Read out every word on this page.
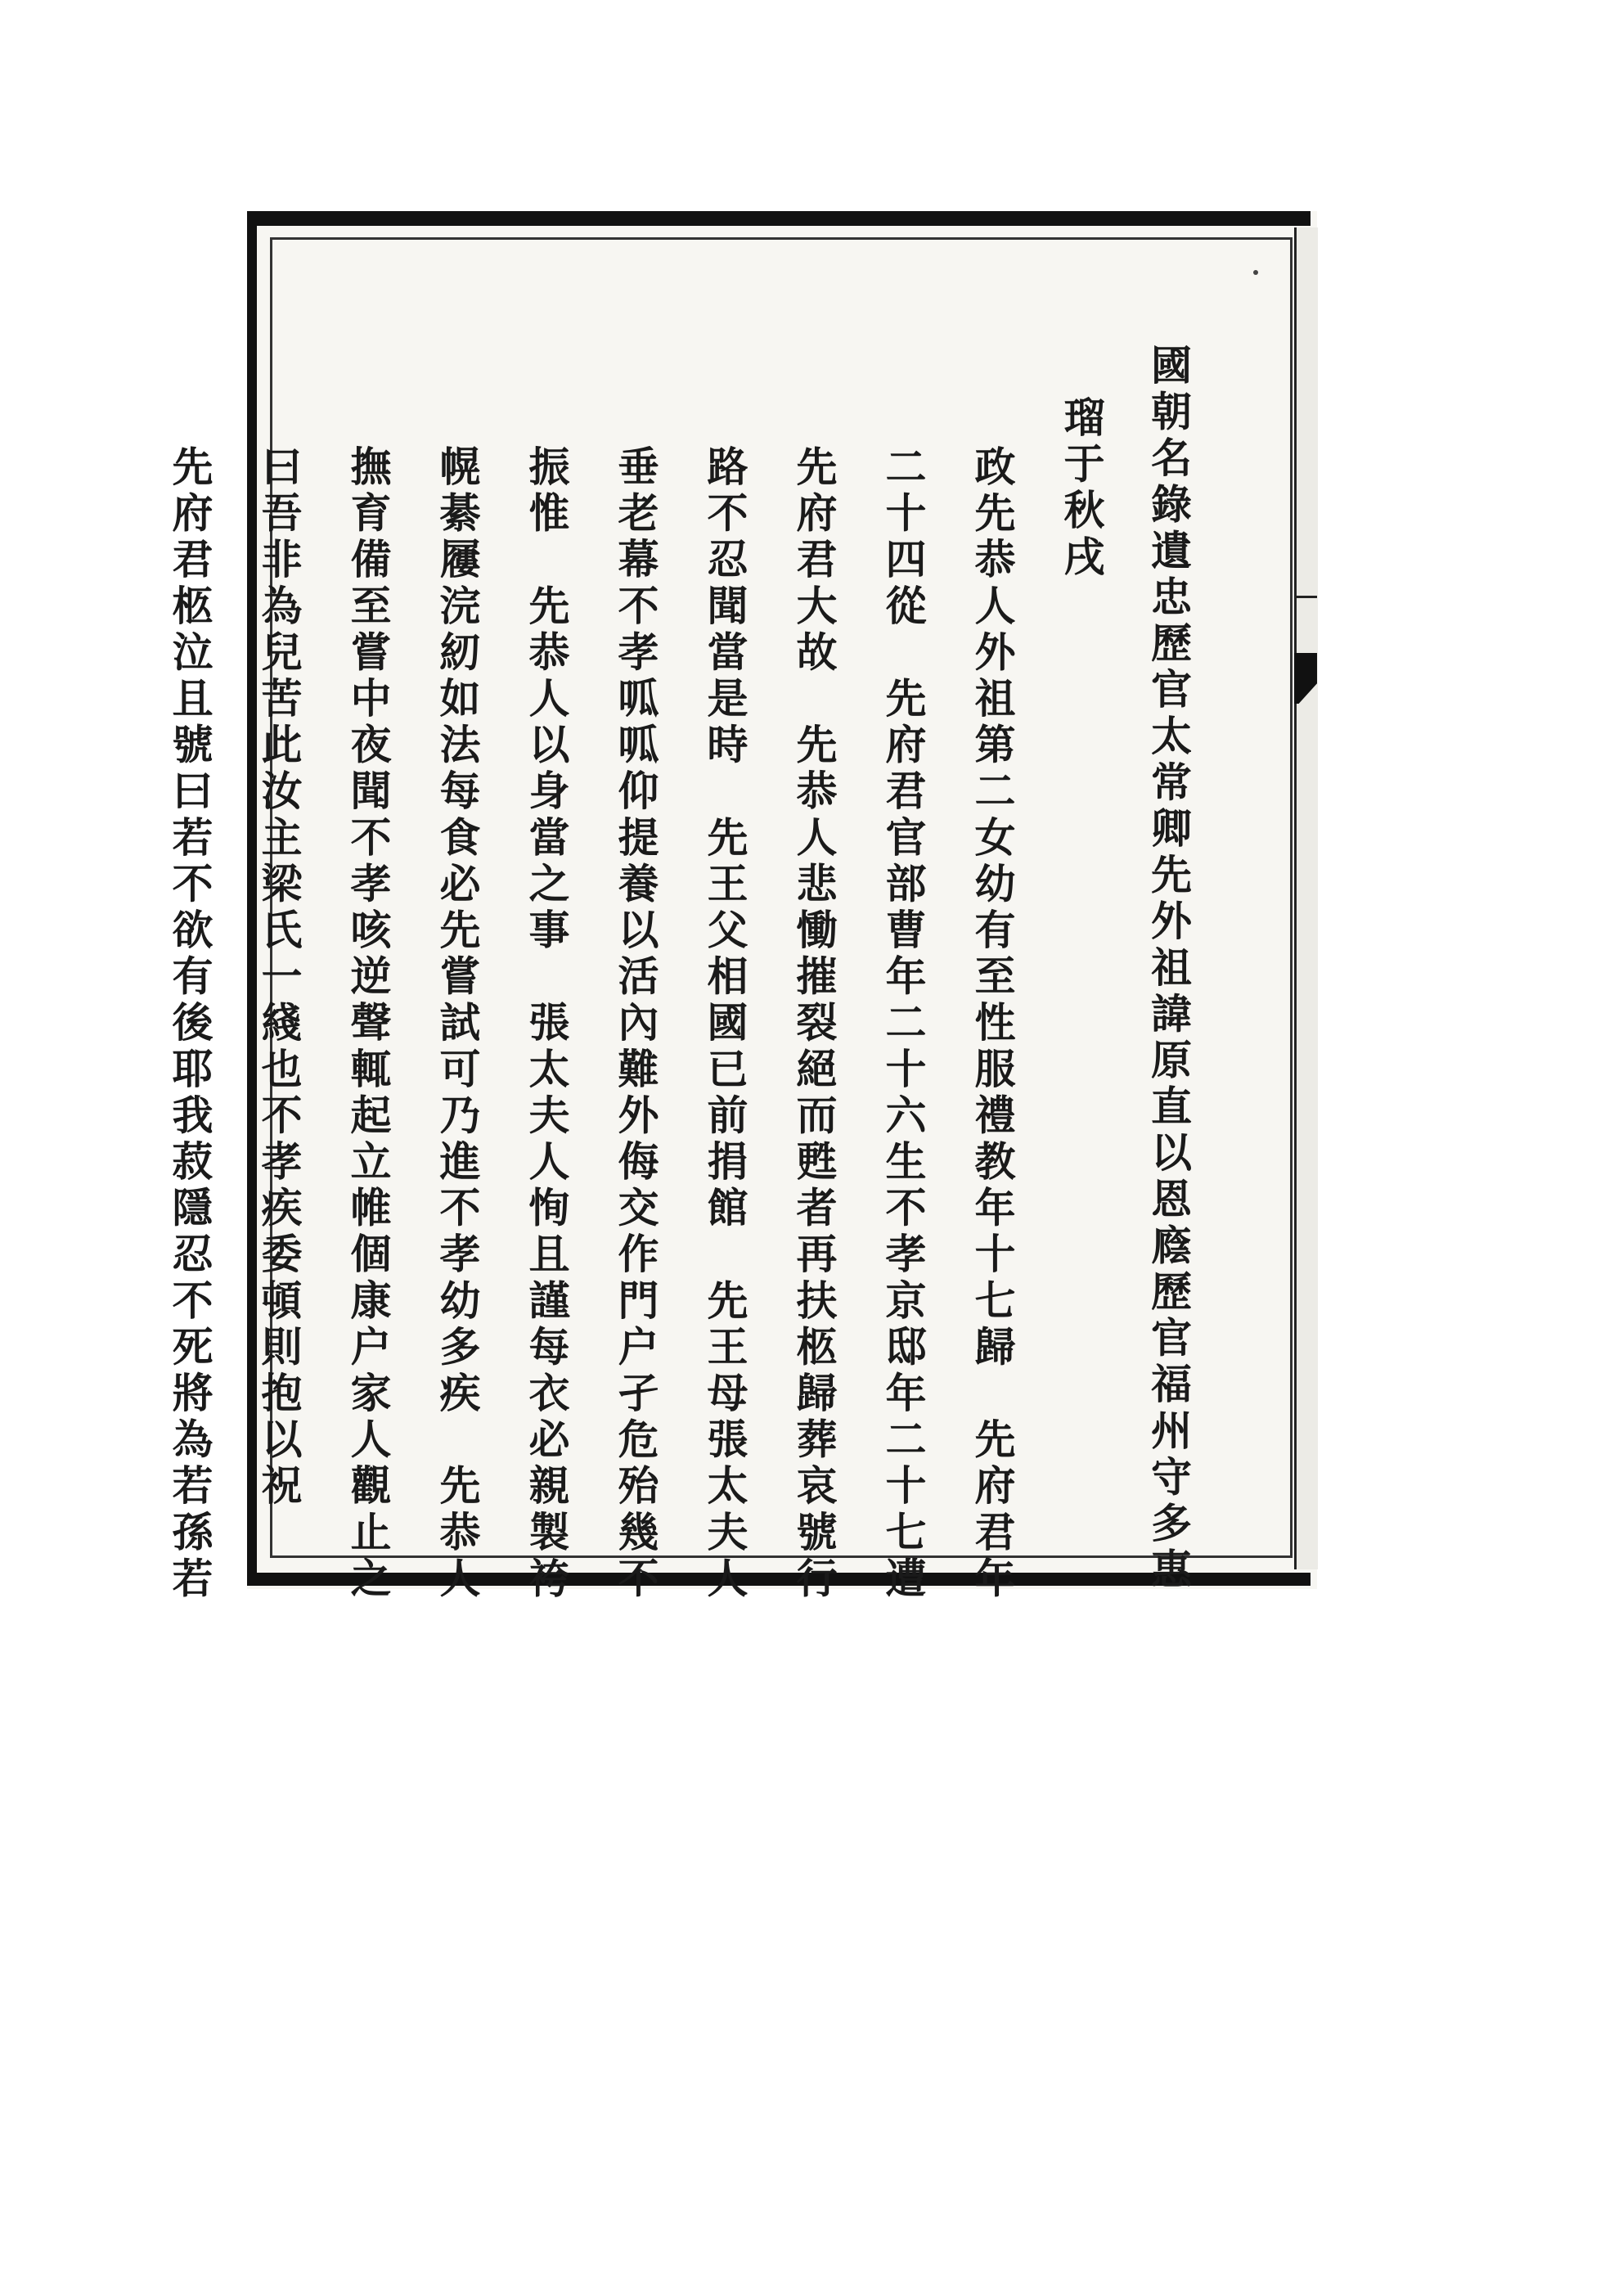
國朝名錄遺忠歷官太常卿先外祖諱原直以恩廕歷官福州守多惠
瑠于秋戌
政先恭人外祖第二女幼有至性服禮教年十七歸　先府君年
二十四從　先府君官部曹年二十六生不孝京邸年二十七遭
先府君大故　先恭人悲慟摧裂絕而甦者再扶柩歸葬哀號行
路不忍聞當是時　先王父相國已前捐館　先王母張太夫人
垂老幕不孝呱呱仰提養以活內難外侮交作門户孑危殆幾不
振惟　先恭人以身當之事　張太夫人恂且謹每衣必親製袴
幌綦屨浣紉如法每食必先嘗試可乃進不孝幼多疾　先恭人
撫育備至嘗中夜聞不孝咳逆聲輒起立帷個康户家人觀止之
曰吾非為兒苦此汝主梁氏一綫也不孝疾委頓則抱以祝
先府君柩泣且號曰若不欲有後耶我菽隱忍不死將為若孫若
